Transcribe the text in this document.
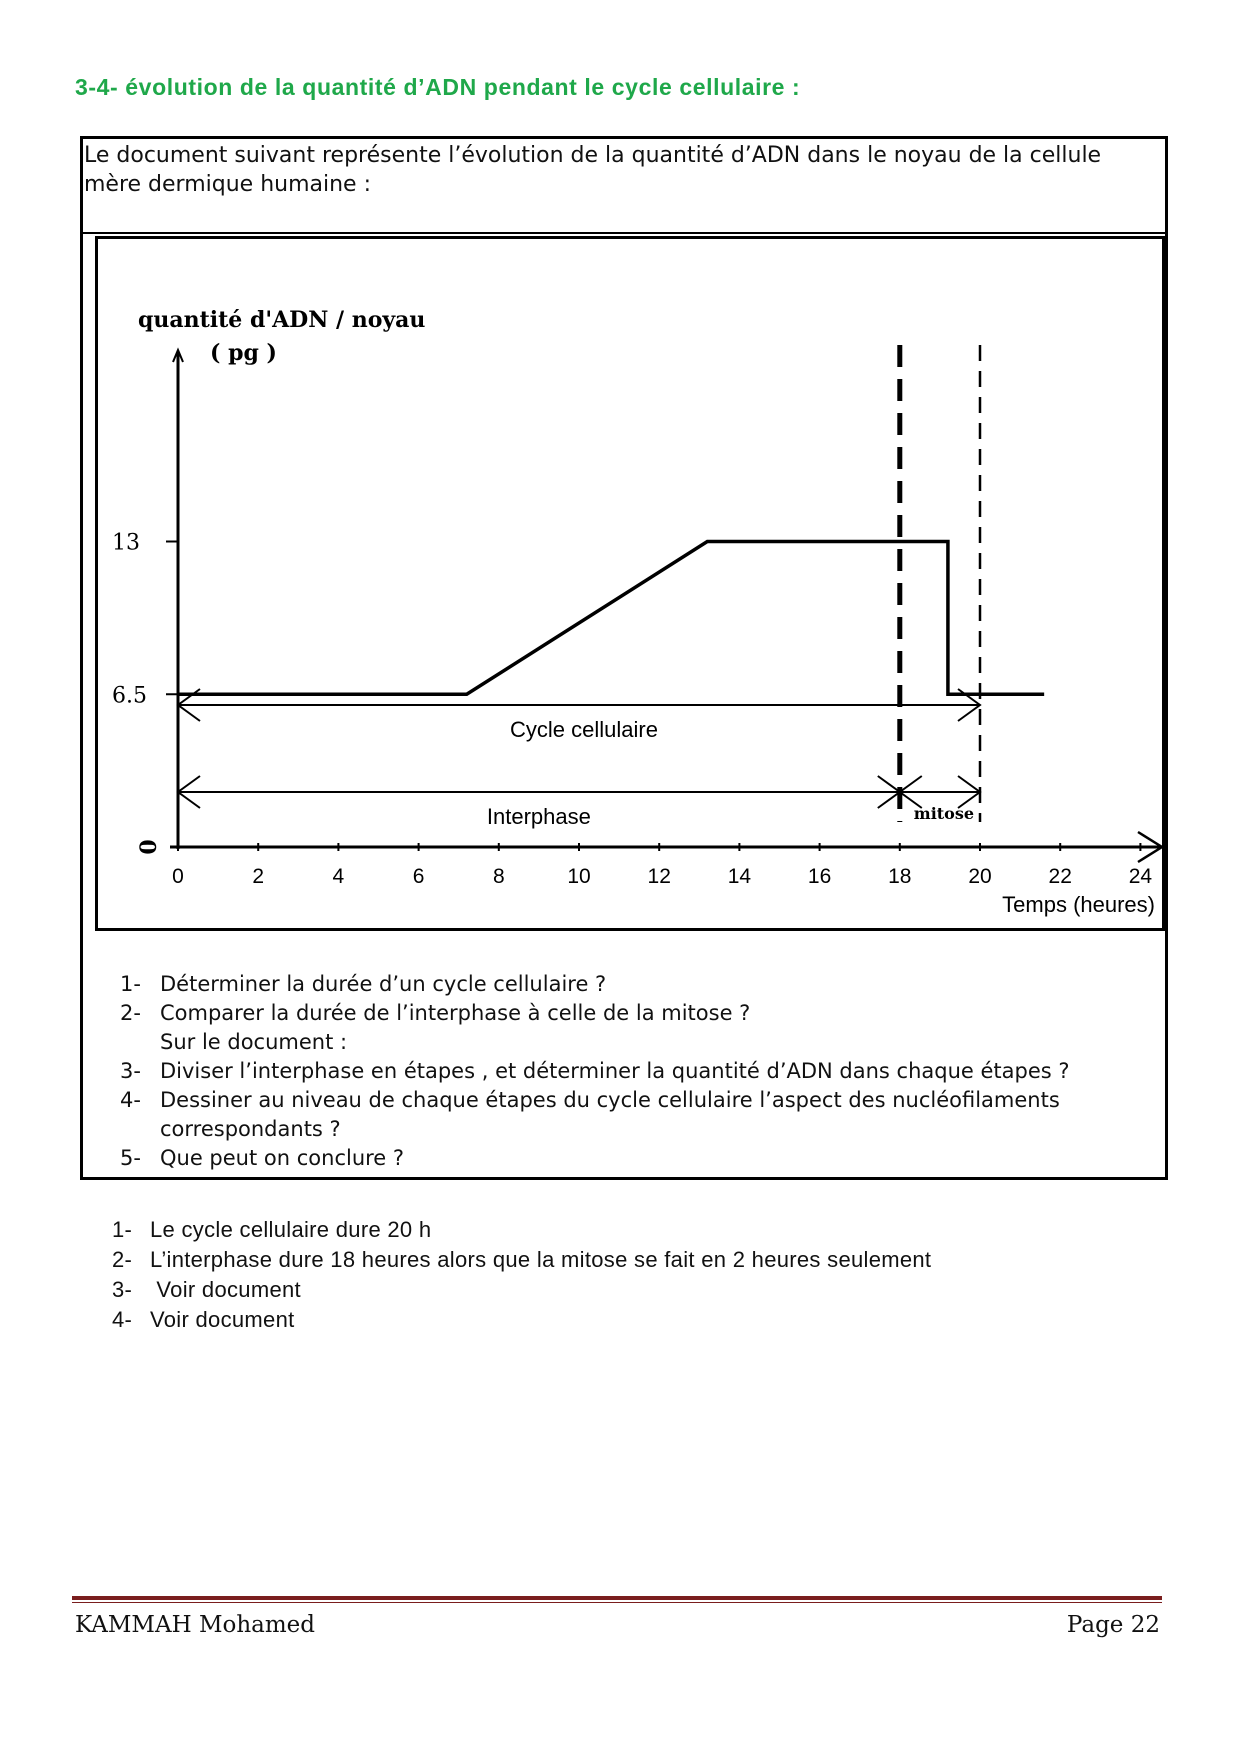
3-4- évolution de la quantité d’ADN pendant le cycle cellulaire :
Le document suivant représente l’évolution de la quantité d’ADN dans le noyau de la cellule mère dermique humaine :
quantité d'ADN / noyau
( pg )
0
6.5
13
0	2	4	6	8	10	12	14	16	18	20	22	24
Temps (heures)
Cycle cellulaire
Interphase	mitose
1- Déterminer la durée d’un cycle cellulaire ?
2- Comparer la durée de l’interphase à celle de la mitose ?
Sur le document :
3- Diviser l’interphase en étapes , et déterminer la quantité d’ADN dans chaque étapes ?
4- Dessiner au niveau de chaque étapes du cycle cellulaire l’aspect des nucléofilaments correspondants ?
5- Que peut on conclure ?
1- Le cycle cellulaire dure 20 h
2- L’interphase dure 18 heures alors que la mitose se fait en 2 heures seulement
3- Voir document
4- Voir document
KAMMAH Mohamed	Page 22
